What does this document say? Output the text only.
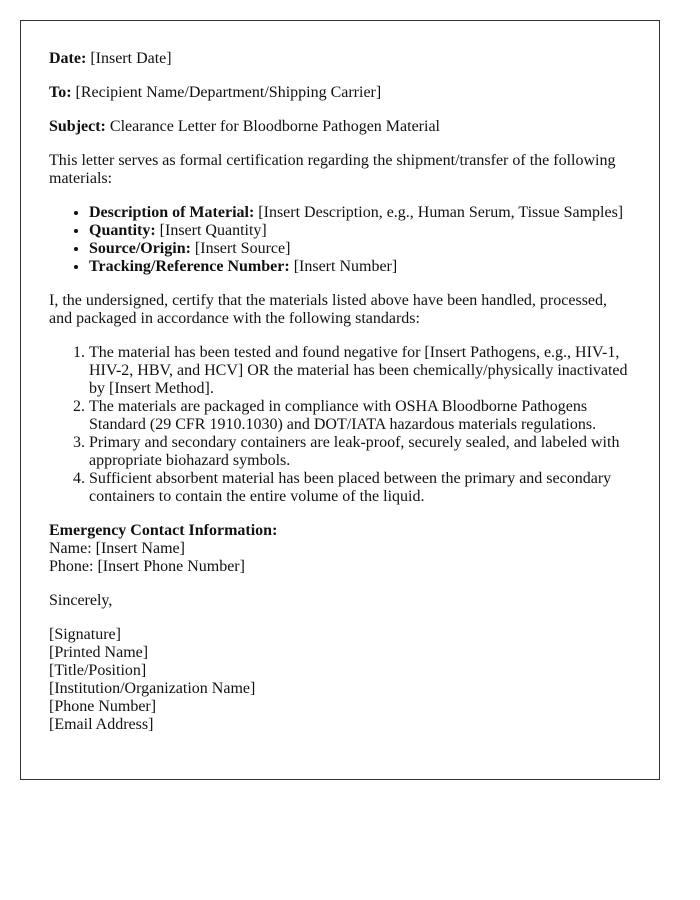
Date: [Insert Date]

To: [Recipient Name/Department/Shipping Carrier]

Subject: Clearance Letter for Bloodborne Pathogen Material

This letter serves as formal certification regarding the shipment/transfer of the following materials:

• Description of Material: [Insert Description, e.g., Human Serum, Tissue Samples]
• Quantity: [Insert Quantity]
• Source/Origin: [Insert Source]
• Tracking/Reference Number: [Insert Number]

I, the undersigned, certify that the materials listed above have been handled, processed, and packaged in accordance with the following standards:

1. The material has been tested and found negative for [Insert Pathogens, e.g., HIV-1, HIV-2, HBV, and HCV] OR the material has been chemically/physically inactivated by [Insert Method].
2. The materials are packaged in compliance with OSHA Bloodborne Pathogens Standard (29 CFR 1910.1030) and DOT/IATA hazardous materials regulations.
3. Primary and secondary containers are leak-proof, securely sealed, and labeled with appropriate biohazard symbols.
4. Sufficient absorbent material has been placed between the primary and secondary containers to contain the entire volume of the liquid.
Emergency Contact Information:
Name: [Insert Name]
Phone: [Insert Phone Number]

Sincerely,

[Signature]
[Printed Name]
[Title/Position]
[Institution/Organization Name]
[Phone Number]
[Email Address]
